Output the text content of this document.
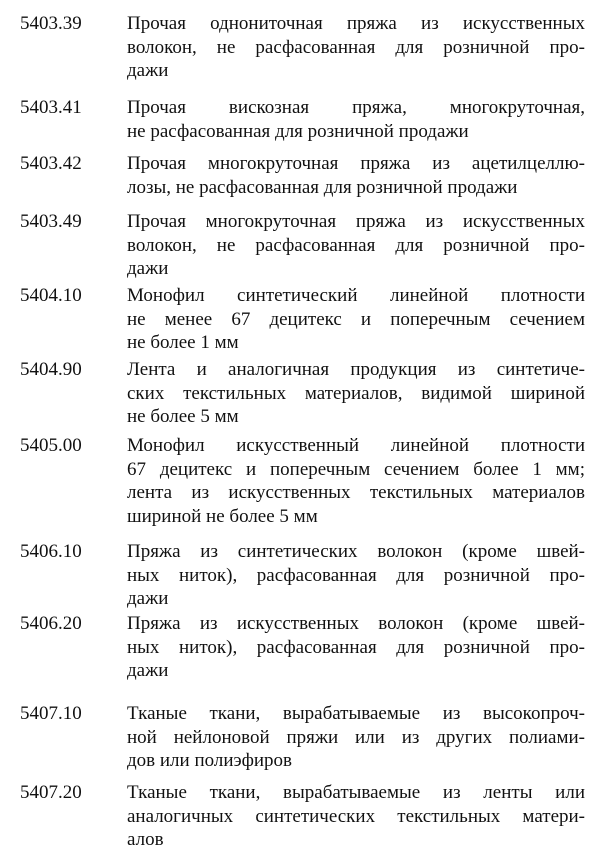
5403.39 Прочая однониточная пряжа из искусственных
волокон, не расфасованная для розничной про-
дажи
5403.41 Прочая вискозная пряжа, многокруточная,
не расфасованная для розничной продажи
5403.42 Прочая многокруточная пряжа из ацетилцеллю-
лозы, не расфасованная для розничной продажи
5403.49 Прочая многокруточная пряжа из искусственных
волокон, не расфасованная для розничной про-
дажи
5404.10 Монофил синтетический линейной плотности
не менее 67 децитекс и поперечным сечением
не более 1 мм
5404.90 Лента и аналогичная продукция из синтетиче-
ских текстильных материалов, видимой шириной
не более 5 мм
5405.00 Монофил искусственный линейной плотности
67 децитекс и поперечным сечением более 1 мм;
лента из искусственных текстильных материалов
шириной не более 5 мм
5406.10 Пряжа из синтетических волокон (кроме швей-
ных ниток), расфасованная для розничной про-
дажи
5406.20 Пряжа из искусственных волокон (кроме швей-
ных ниток), расфасованная для розничной про-
дажи
5407.10 Тканые ткани, вырабатываемые из высокопроч-
ной нейлоновой пряжи или из других полиами-
дов или полиэфиров
5407.20 Тканые ткани, вырабатываемые из ленты или
аналогичных синтетических текстильных матери-
алов
